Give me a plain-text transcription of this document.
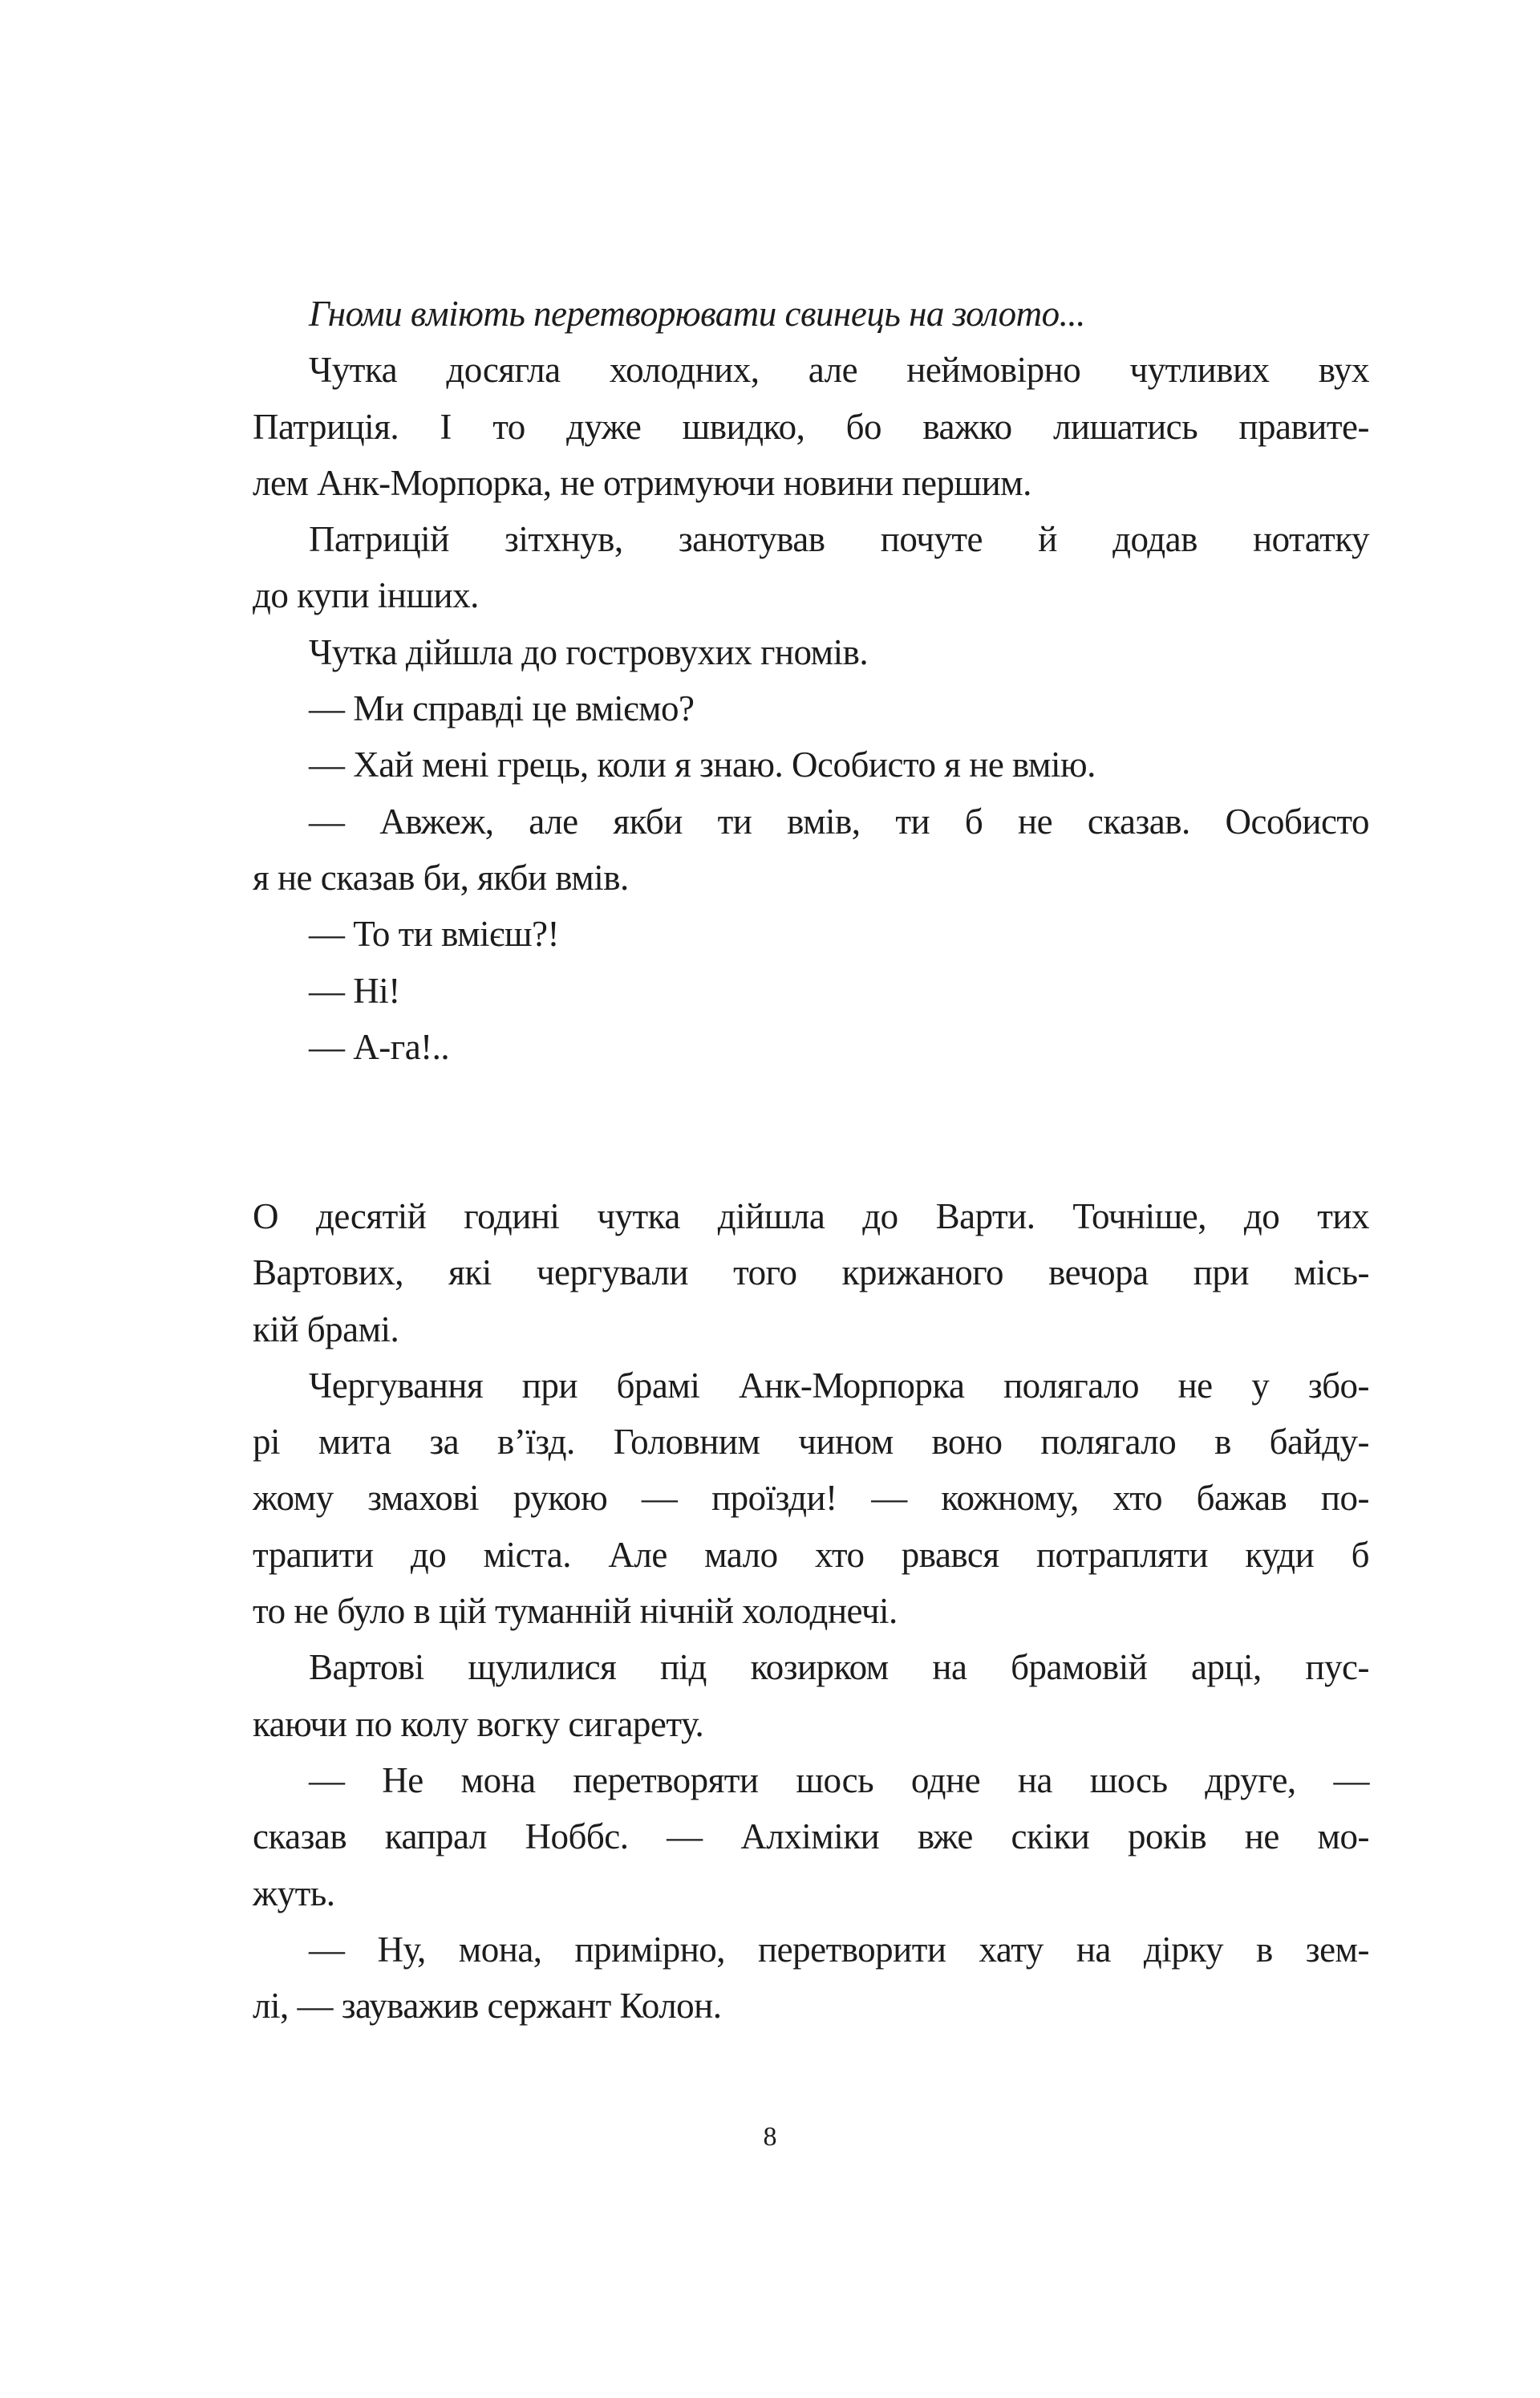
Гноми вміють перетворювати свинець на золото...
Чутка досягла холодних, але неймовірно чутливих вух
Патриція. І то дуже швидко, бо важко лишатись правите-
лем Анк-Морпорка, не отримуючи новини першим.
Патрицій зітхнув, занотував почуте й додав нотатку
до купи інших.
Чутка дійшла до гостровухих гномів.
— Ми справді це вміємо?
— Хай мені грець, коли я знаю. Особисто я не вмію.
— Авжеж, але якби ти вмів, ти б не сказав. Особисто
я не сказав би, якби вмів.
— То ти вмієш?!
— Ні!
— А-га!..
О десятій годині чутка дійшла до Варти. Точніше, до тих
Вартових, які чергували того крижаного вечора при місь-
кій брамі.
Чергування при брамі Анк-Морпорка полягало не у збо-
рі мита за в’їзд. Головним чином воно полягало в байду-
жому змахові рукою — проїзди! — кожному, хто бажав по-
трапити до міста. Але мало хто рвався потрапляти куди б
то не було в цій туманній нічній холоднечі.
Вартові щулилися під козирком на брамовій арці, пус-
каючи по колу вогку сигарету.
— Не мона перетворяти шось одне на шось друге, —
сказав капрал Ноббс. — Алхіміки вже скіки років не мо-
жуть.
— Ну, мона, примірно, перетворити хату на дірку в зем-
лі, — зауважив сержант Колон.
8
